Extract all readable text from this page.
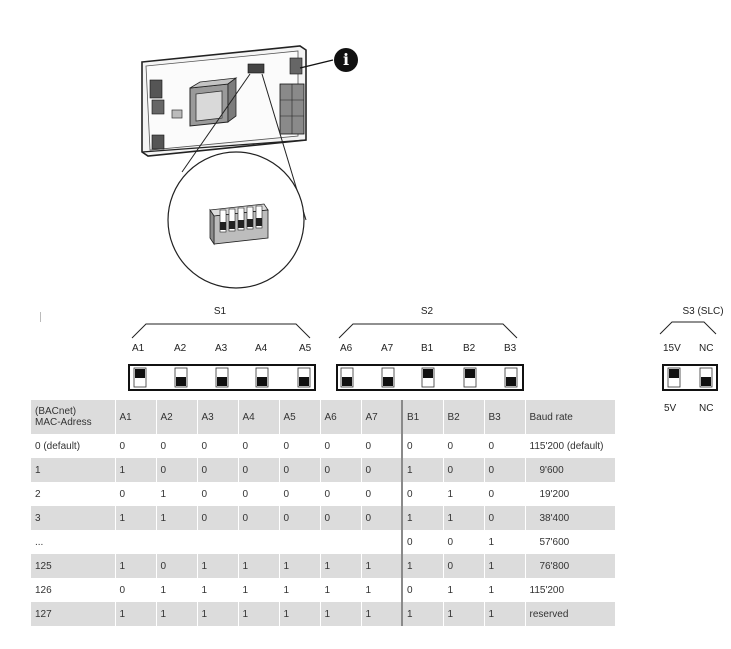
i
S1	S2	S3 (SLC)
A1	A2	A3	A4	A5	A6	A7	B1	B2	B3	15V NC
5V NC
(BACnet)
MAC-Adress	A1	A2	A3	A4	A5	A6	A7	B1	B2	B3	Baud rate
0 (default)	0	0	0	0	0	0	0	0	0	0	115'200 (default)
1	1	0	0	0	0	0	0	1	0	0	9'600
2	0	1	0	0	0	0	0	0	1	0	19'200
3	1	1	0	0	0	0	0	1	1	0	38'400
...								0	0	1	57'600
125	1	0	1	1	1	1	1	1	0	1	76'800
126	0	1	1	1	1	1	1	0	1	1	115'200
127	1	1	1	1	1	1	1	1	1	1	reserved
